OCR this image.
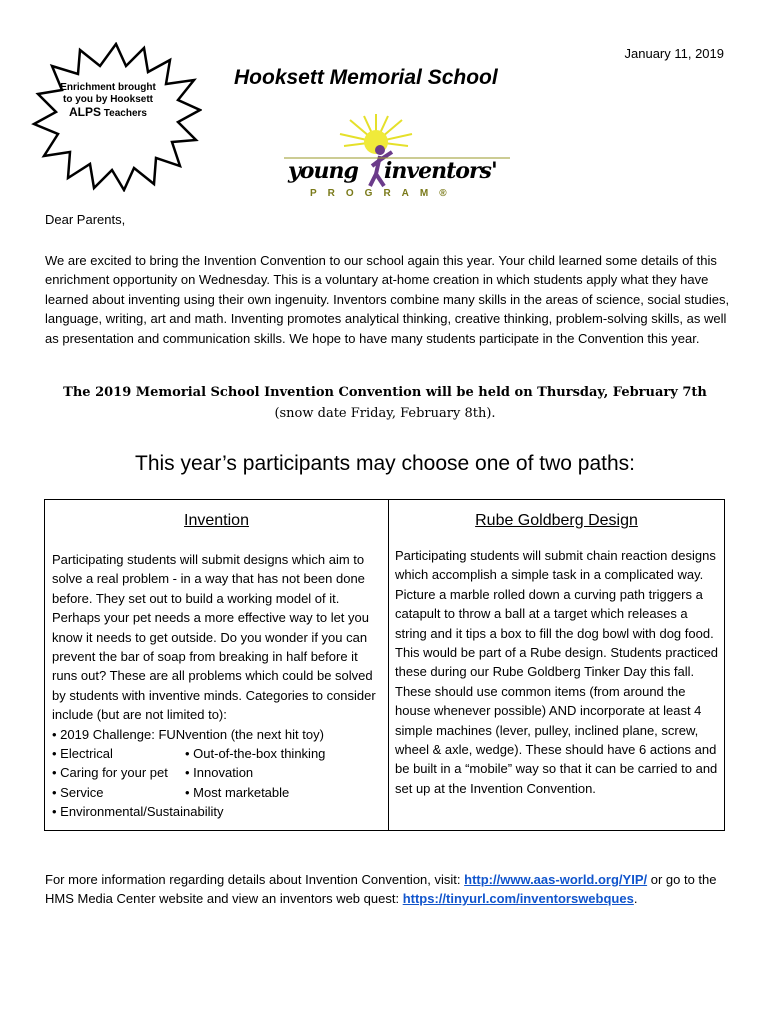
January 11, 2019
Enrichment brought
to you by Hooksett
ALPS Teachers
Hooksett Memorial School
young inventors'
PROGRAM®
Dear Parents,
We are excited to bring the Invention Convention to our school again this year. Your child learned some details of this enrichment opportunity on Wednesday. This is a voluntary at-home creation in which students apply what they have learned about inventing using their own ingenuity. Inventors combine many skills in the areas of science, social studies, language, writing, art and math. Inventing promotes analytical thinking, creative thinking, problem-solving skills, as well as presentation and communication skills. We hope to have many students participate in the Convention this year.
The 2019 Memorial School Invention Convention will be held on Thursday, February 7th
(snow date Friday, February 8th).
This year’s participants may choose one of two paths:
Invention	Rube Goldberg Design
Participating students will submit designs which aim to solve a real problem - in a way that has not been done before. They set out to build a working model of it. Perhaps your pet needs a more effective way to let you know it needs to get outside. Do you wonder if you can prevent the bar of soap from breaking in half before it runs out? These are all problems which could be solved by students with inventive minds. Categories to consider include (but are not limited to):
• 2019 Challenge: FUNvention (the next hit toy)
• Electrical	• Out-of-the-box thinking
• Caring for your pet	• Innovation
• Service	• Most marketable
• Environmental/Sustainability
Participating students will submit chain reaction designs which accomplish a simple task in a complicated way. Picture a marble rolled down a curving path triggers a catapult to throw a ball at a target which releases a string and it tips a box to fill the dog bowl with dog food. This would be part of a Rube design. Students practiced these during our Rube Goldberg Tinker Day this fall. These should use common items (from around the house whenever possible) AND incorporate at least 4 simple machines (lever, pulley, inclined plane, screw, wheel & axle, wedge). These should have 6 actions and be built in a “mobile” way so that it can be carried to and set up at the Invention Convention.
For more information regarding details about Invention Convention, visit: http://www.aas-world.org/YIP/ or go to the HMS Media Center website and view an inventors web quest: https://tinyurl.com/inventorswebques.
